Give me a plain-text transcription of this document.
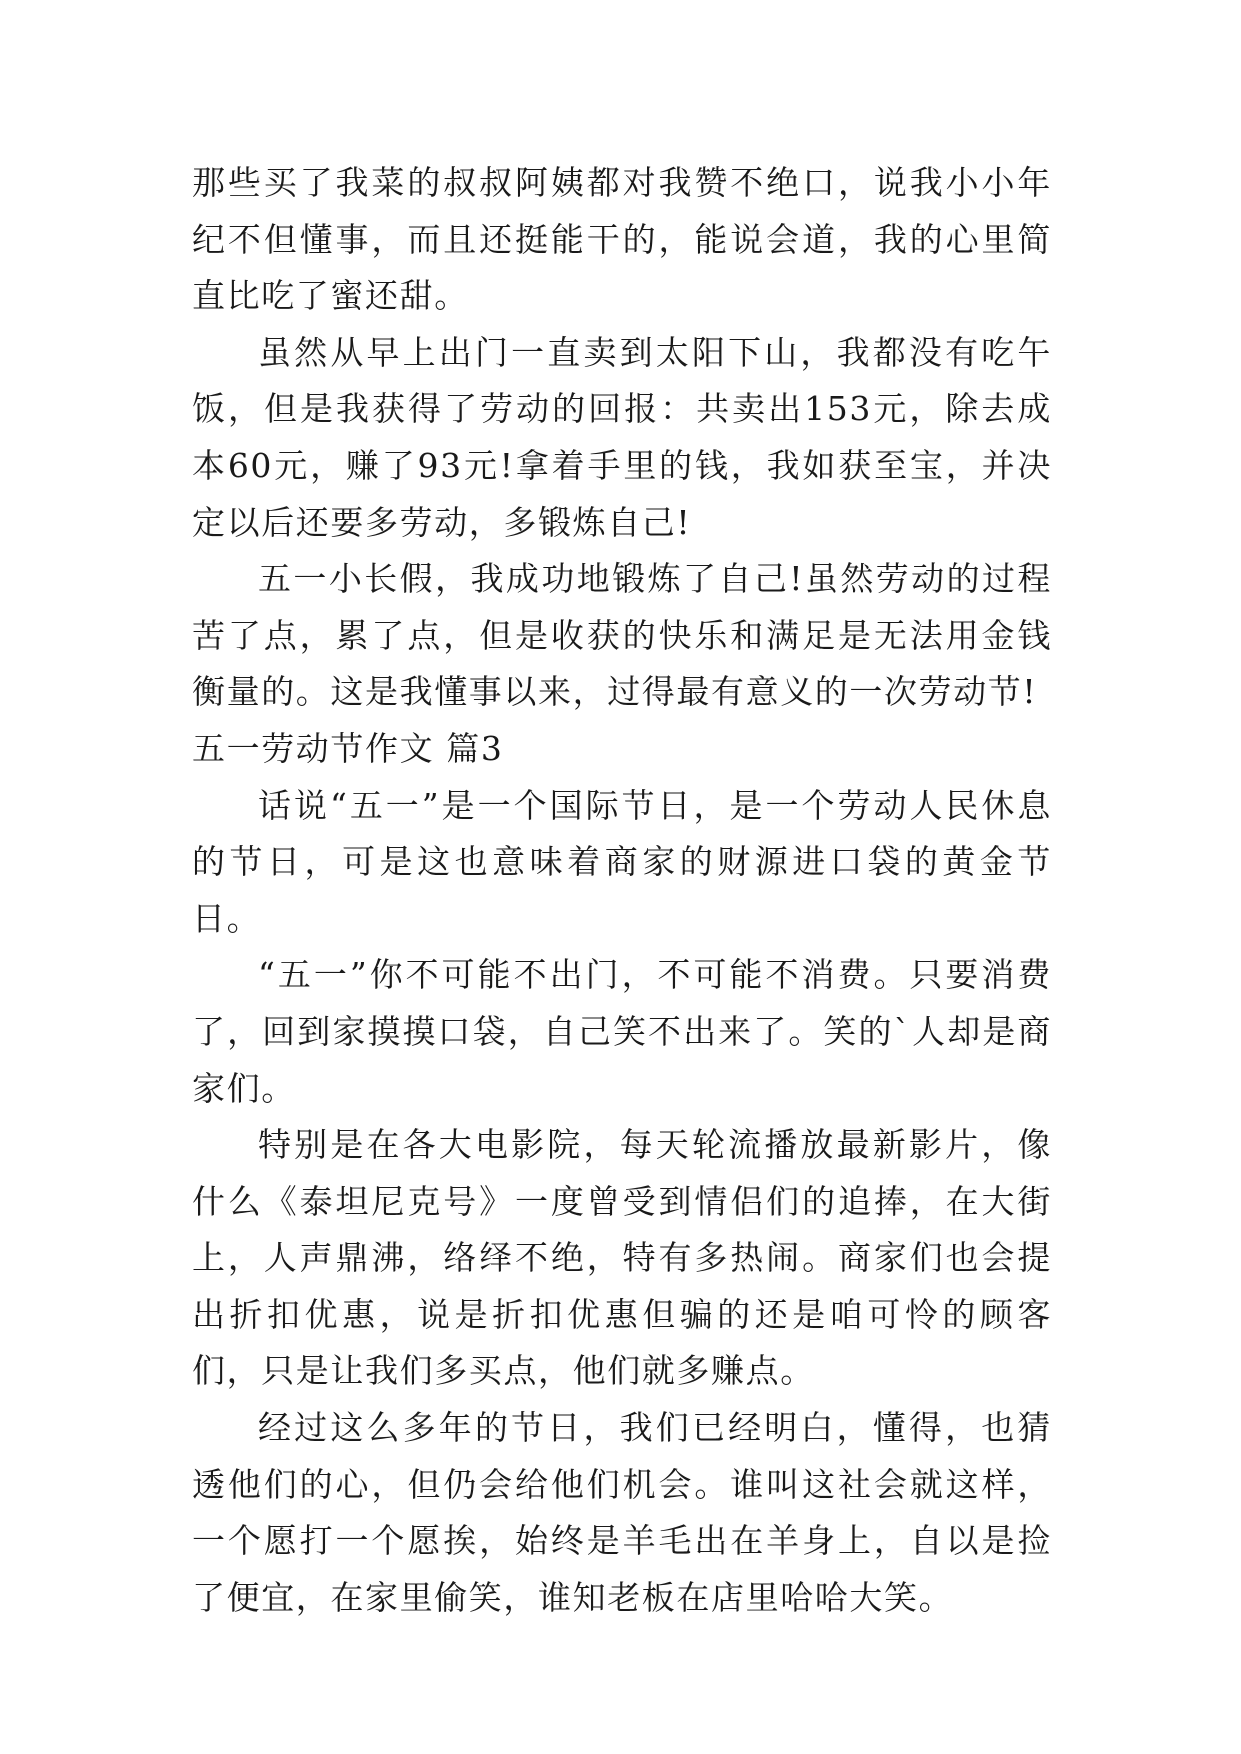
那些买了我菜的叔叔阿姨都对我赞不绝口，说我小小年纪不但懂事，而且还挺能干的，能说会道，我的心里简直比吃了蜜还甜。

虽然从早上出门一直卖到太阳下山，我都没有吃午饭，但是我获得了劳动的回报：共卖出153元，除去成本60元，赚了93元!拿着手里的钱，我如获至宝，并决定以后还要多劳动，多锻炼自己!

五一小长假，我成功地锻炼了自己!虽然劳动的过程苦了点，累了点，但是收获的快乐和满足是无法用金钱衡量的。这是我懂事以来，过得最有意义的一次劳动节!

五一劳动节作文 篇3

话说“五一”是一个国际节日，是一个劳动人民休息的节日，可是这也意味着商家的财源进口袋的黄金节日。

“五一”你不可能不出门，不可能不消费。只要消费了，回到家摸摸口袋，自己笑不出来了。笑的`人却是商家们。

特别是在各大电影院，每天轮流播放最新影片，像什么《泰坦尼克号》一度曾受到情侣们的追捧，在大街上，人声鼎沸，络绎不绝，特有多热闹。商家们也会提出折扣优惠，说是折扣优惠但骗的还是咱可怜的顾客们，只是让我们多买点，他们就多赚点。

经过这么多年的节日，我们已经明白，懂得，也猜透他们的心，但仍会给他们机会。谁叫这社会就这样，一个愿打一个愿挨，始终是羊毛出在羊身上，自以是捡了便宜，在家里偷笑，谁知老板在店里哈哈大笑。
